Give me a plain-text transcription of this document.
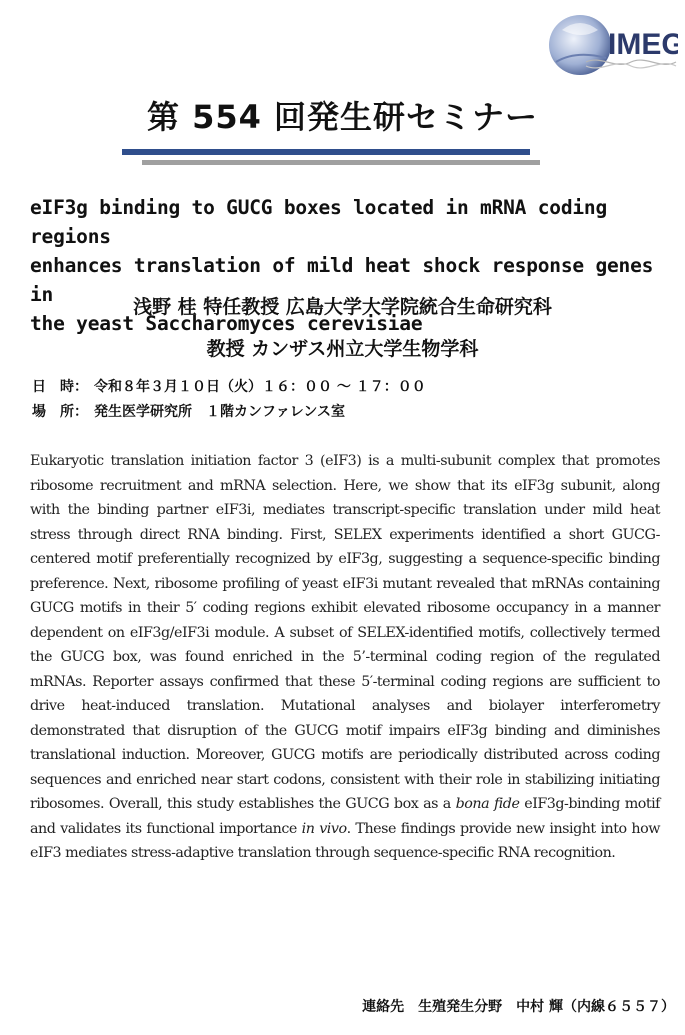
IMEG
第 554 回発生研セミナー
eIF3g binding to GUCG boxes located in mRNA coding regions
enhances translation of mild heat shock response genes in
the yeast Saccharomyces cerevisiae
浅野 桂 特任教授 広島大学大学院統合生命研究科
教授 カンザス州立大学生物学科
日　時： 令和８年３月１０日（火）１６：００ ～ １７：００
場　所： 発生医学研究所　１階カンファレンス室

Eukaryotic translation initiation factor 3 (eIF3) is a multi-subunit complex that promotes ribosome recruitment and mRNA selection. Here, we show that its eIF3g subunit, along with the binding partner eIF3i, mediates transcript-specific translation under mild heat stress through direct RNA binding. First, SELEX experiments identified a short GUCG-centered motif preferentially recognized by eIF3g, suggesting a sequence-specific binding preference. Next, ribosome profiling of yeast eIF3i mutant revealed that mRNAs containing GUCG motifs in their 5′ coding regions exhibit elevated ribosome occupancy in a manner dependent on eIF3g/eIF3i module. A subset of SELEX-identified motifs, collectively termed the GUCG box, was found enriched in the 5’-terminal coding region of the regulated mRNAs. Reporter assays confirmed that these 5′-terminal coding regions are sufficient to drive heat-induced translation. Mutational analyses and biolayer interferometry demonstrated that disruption of the GUCG motif impairs eIF3g binding and diminishes translational induction. Moreover, GUCG motifs are periodically distributed across coding sequences and enriched near start codons, consistent with their role in stabilizing initiating ribosomes. Overall, this study establishes the GUCG box as a bona fide eIF3g-binding motif and validates its functional importance in vivo. These findings provide new insight into how eIF3 mediates stress-adaptive translation through sequence-specific RNA recognition.

連絡先　生殖発生分野　中村 輝（内線６５５７）
